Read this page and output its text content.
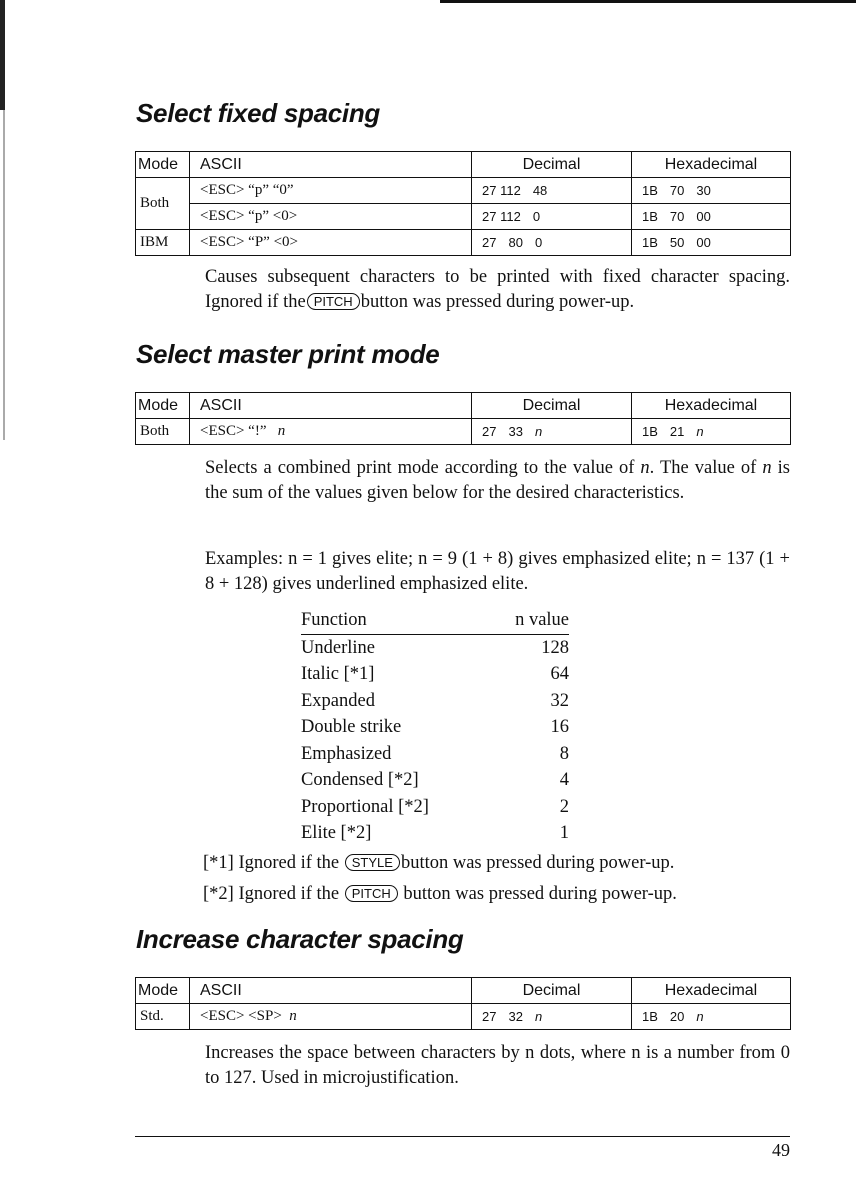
Select fixed spacing
Mode	ASCII	Decimal	Hexadecimal
Both	<ESC> “p” “0”	27 112 48	1B 70 30
	<ESC> “p” <0>	27 112 0	1B 70 00
IBM	<ESC> “P” <0>	27 80 0	1B 50 00

Causes subsequent characters to be printed with fixed character spacing. Ignored if the PITCH button was pressed during power-up.

Select master print mode
Mode	ASCII	Decimal	Hexadecimal
Both	<ESC> “!” n	27 33 n	1B 21 n

Selects a combined print mode according to the value of n. The value of n is the sum of the values given below for the desired characteristics.

Examples: n = 1 gives elite; n = 9 (1 + 8) gives emphasized elite; n = 137 (1 + 8 + 128) gives underlined emphasized elite.

Function	n value
Underline	128
Italic [*1]	64
Expanded	32
Double strike	16
Emphasized	8
Condensed [*2]	4
Proportional [*2]	2
Elite [*2]	1

[*1] Ignored if the STYLE button was pressed during power-up.

[*2] Ignored if the PITCH button was pressed during power-up.

Increase character spacing
Mode	ASCII	Decimal	Hexadecimal
Std.	<ESC> <SP> n	27 32 n	1B 20 n

Increases the space between characters by n dots, where n is a number from 0 to 127. Used in microjustification.

49
